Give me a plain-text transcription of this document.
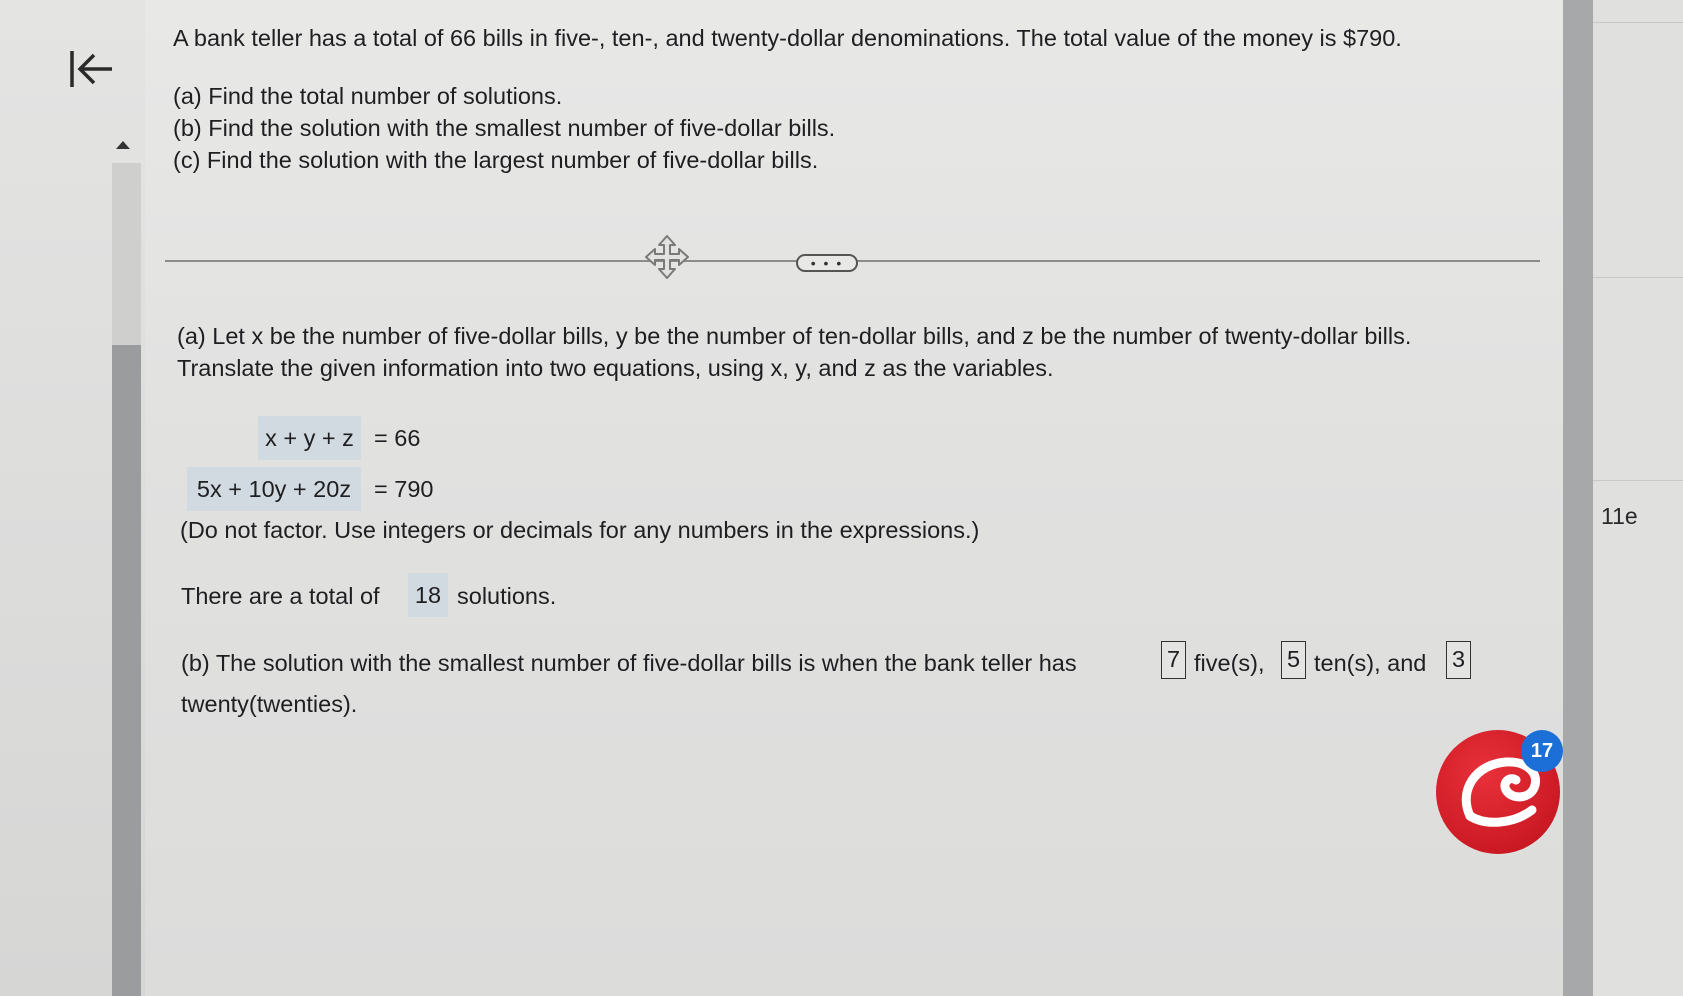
A bank teller has a total of 66 bills in five-, ten-, and twenty-dollar denominations. The total value of the money is $790.
(a) Find the total number of solutions.
(b) Find the solution with the smallest number of five-dollar bills.
(c) Find the solution with the largest number of five-dollar bills.
• • •
(a) Let x be the number of five-dollar bills, y be the number of ten-dollar bills, and z be the number of twenty-dollar bills.
Translate the given information into two equations, using x, y, and z as the variables.
x + y + z = 66
5x + 10y + 20z = 790
(Do not factor. Use integers or decimals for any numbers in the expressions.)
There are a total of 18 solutions.
(b) The solution with the smallest number of five-dollar bills is when the bank teller has	7 five(s), 5 ten(s), and 3
twenty(twenties).
11e
17
